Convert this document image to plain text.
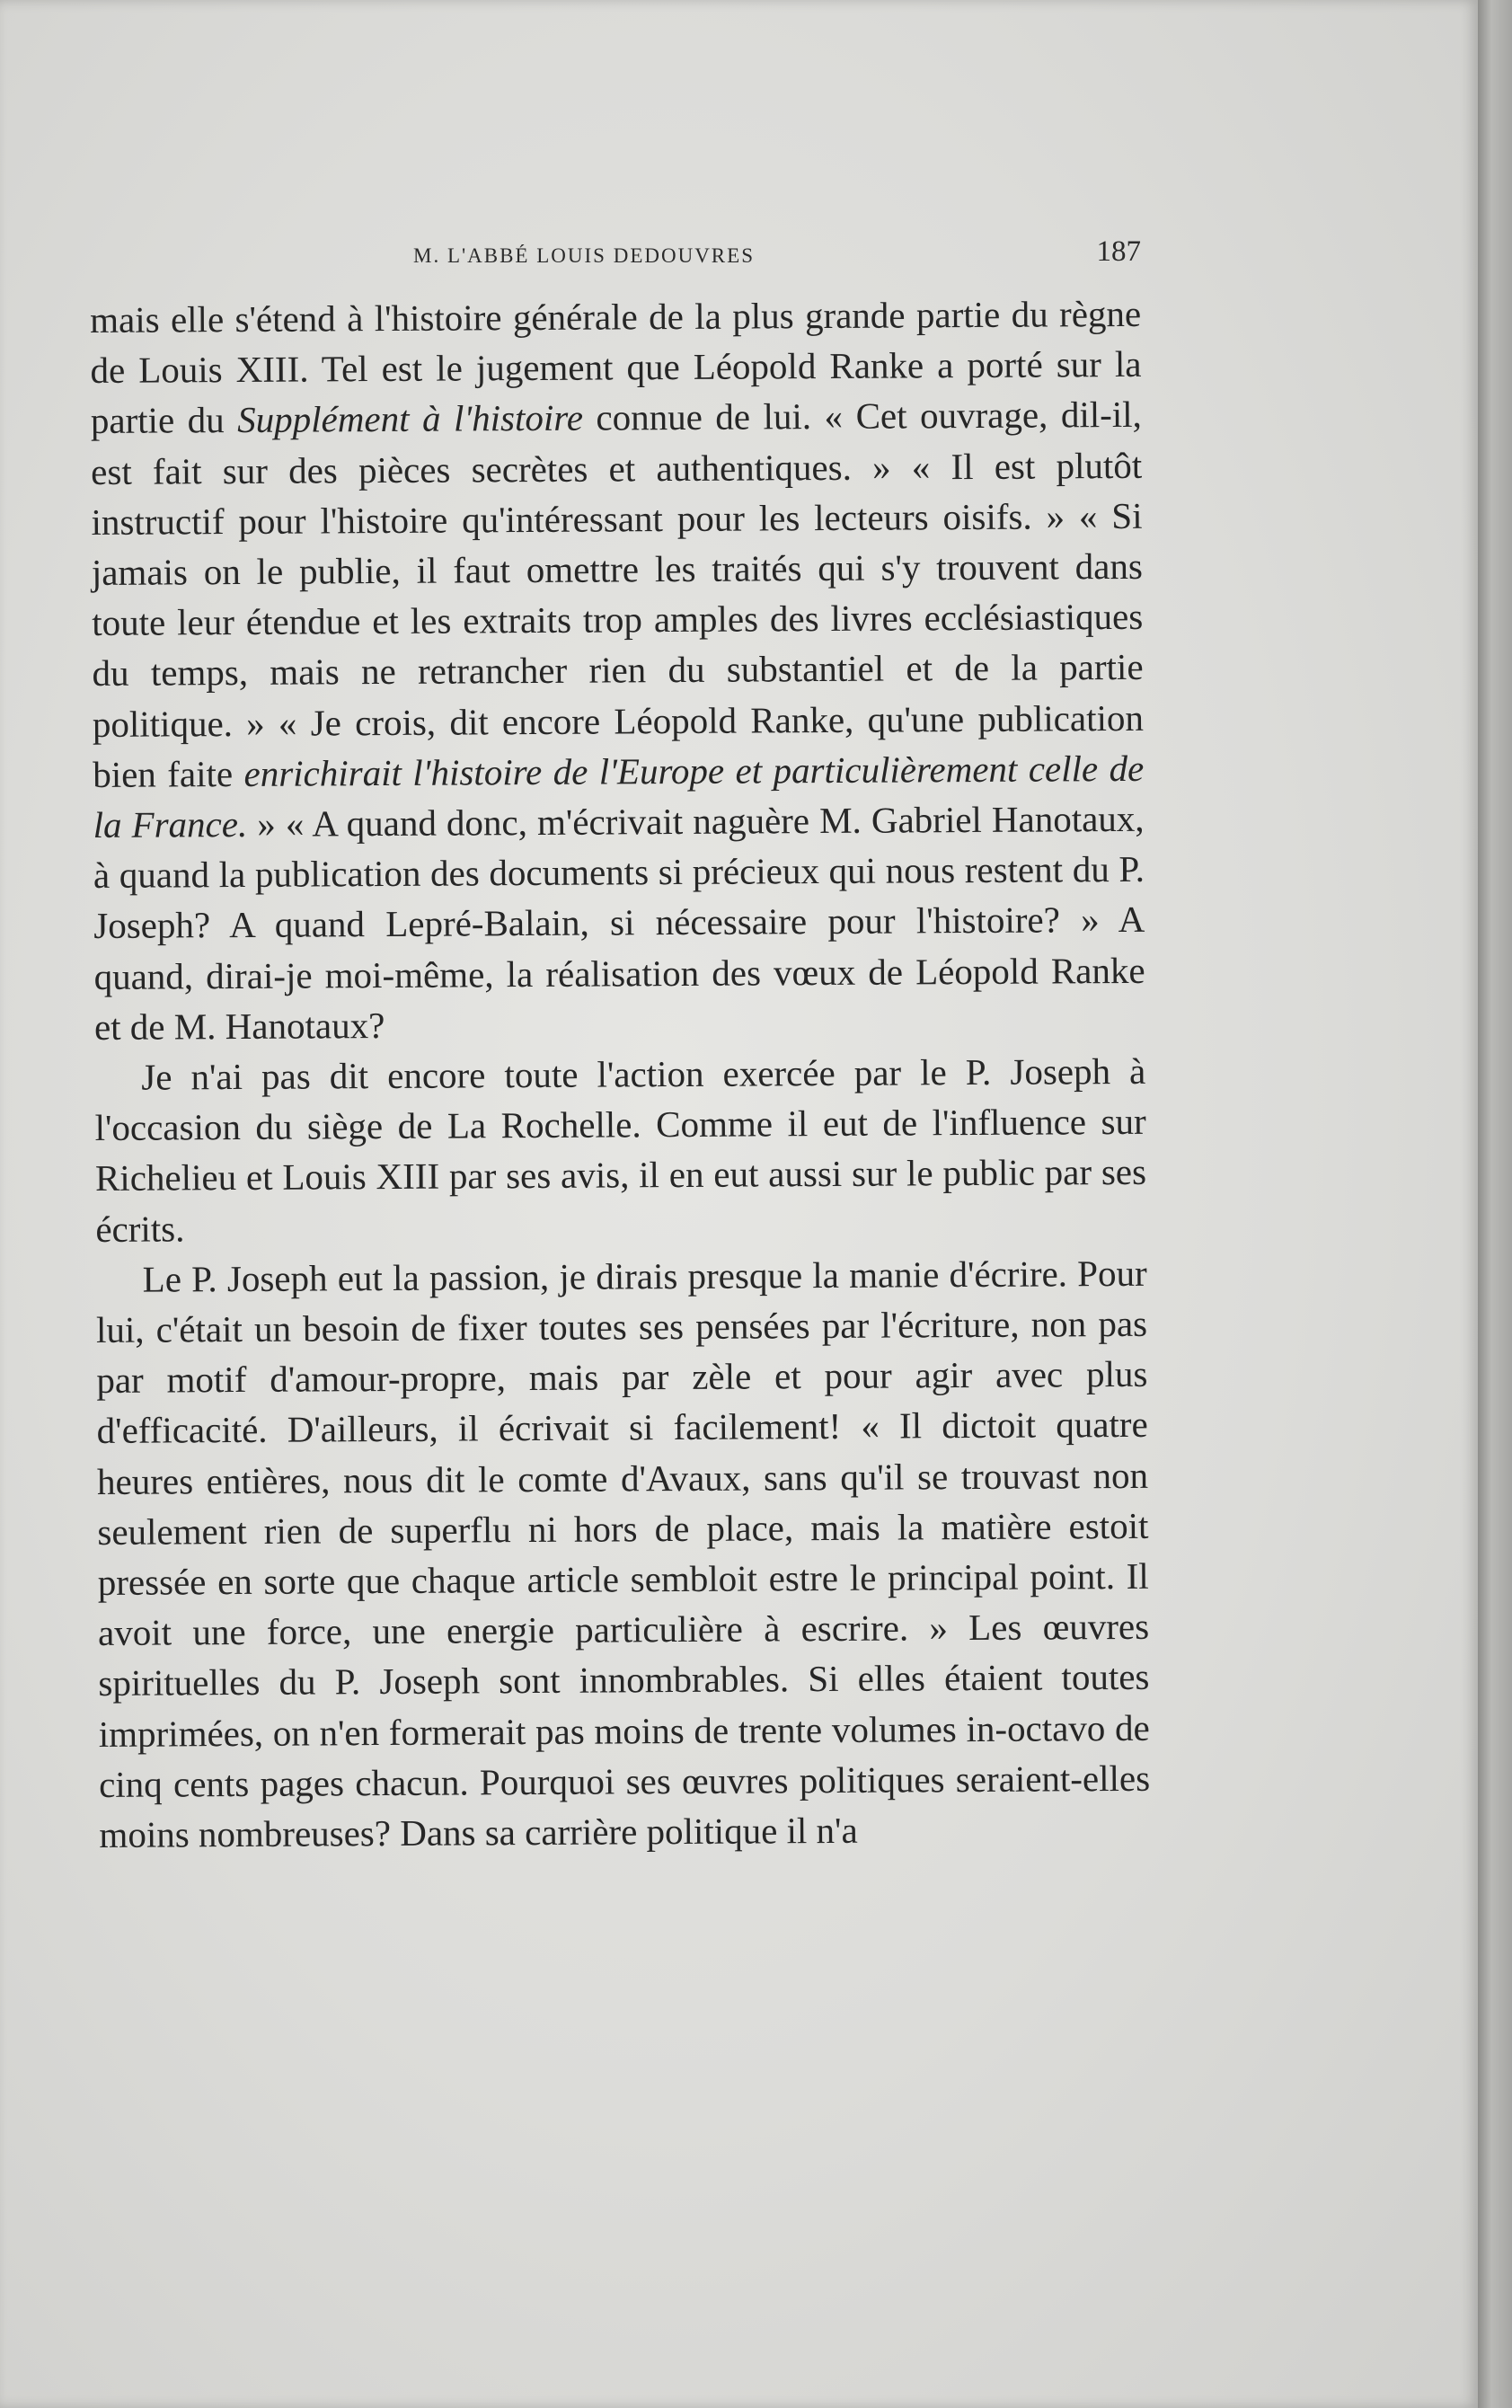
M. L'ABBÉ LOUIS DEDOUVRES	187

mais elle s'étend à l'histoire générale de la plus grande partie du règne de Louis XIII. Tel est le jugement que Léopold Ranke a porté sur la partie du Supplément à l'histoire connue de lui. « Cet ouvrage, dil-il, est fait sur des pièces secrètes et authentiques. » « Il est plutôt instructif pour l'histoire qu'intéressant pour les lecteurs oisifs. » « Si jamais on le publie, il faut omettre les traités qui s'y trouvent dans toute leur étendue et les extraits trop amples des livres ecclésiastiques du temps, mais ne retrancher rien du substantiel et de la partie politique. » « Je crois, dit encore Léopold Ranke, qu'une publication bien faite enrichirait l'histoire de l'Europe et particulièrement celle de la France. » « A quand donc, m'écrivait naguère M. Gabriel Hanotaux, à quand la publication des documents si précieux qui nous restent du P. Joseph? A quand Lepré-Balain, si nécessaire pour l'histoire? » A quand, dirai-je moi-même, la réalisation des vœux de Léopold Ranke et de M. Hanotaux?

Je n'ai pas dit encore toute l'action exercée par le P. Joseph à l'occasion du siège de La Rochelle. Comme il eut de l'influence sur Richelieu et Louis XIII par ses avis, il en eut aussi sur le public par ses écrits.

Le P. Joseph eut la passion, je dirais presque la manie d'écrire. Pour lui, c'était un besoin de fixer toutes ses pensées par l'écriture, non pas par motif d'amour-propre, mais par zèle et pour agir avec plus d'efficacité. D'ailleurs, il écrivait si facilement! « Il dictoit quatre heures entières, nous dit le comte d'Avaux, sans qu'il se trouvast non seulement rien de superflu ni hors de place, mais la matière estoit pressée en sorte que chaque article sembloit estre le principal point. Il avoit une force, une energie particulière à escrire. » Les œuvres spirituelles du P. Joseph sont innombrables. Si elles étaient toutes imprimées, on n'en formerait pas moins de trente volumes in-octavo de cinq cents pages chacun. Pourquoi ses œuvres politiques seraient-elles moins nombreuses? Dans sa carrière politique il n'a
